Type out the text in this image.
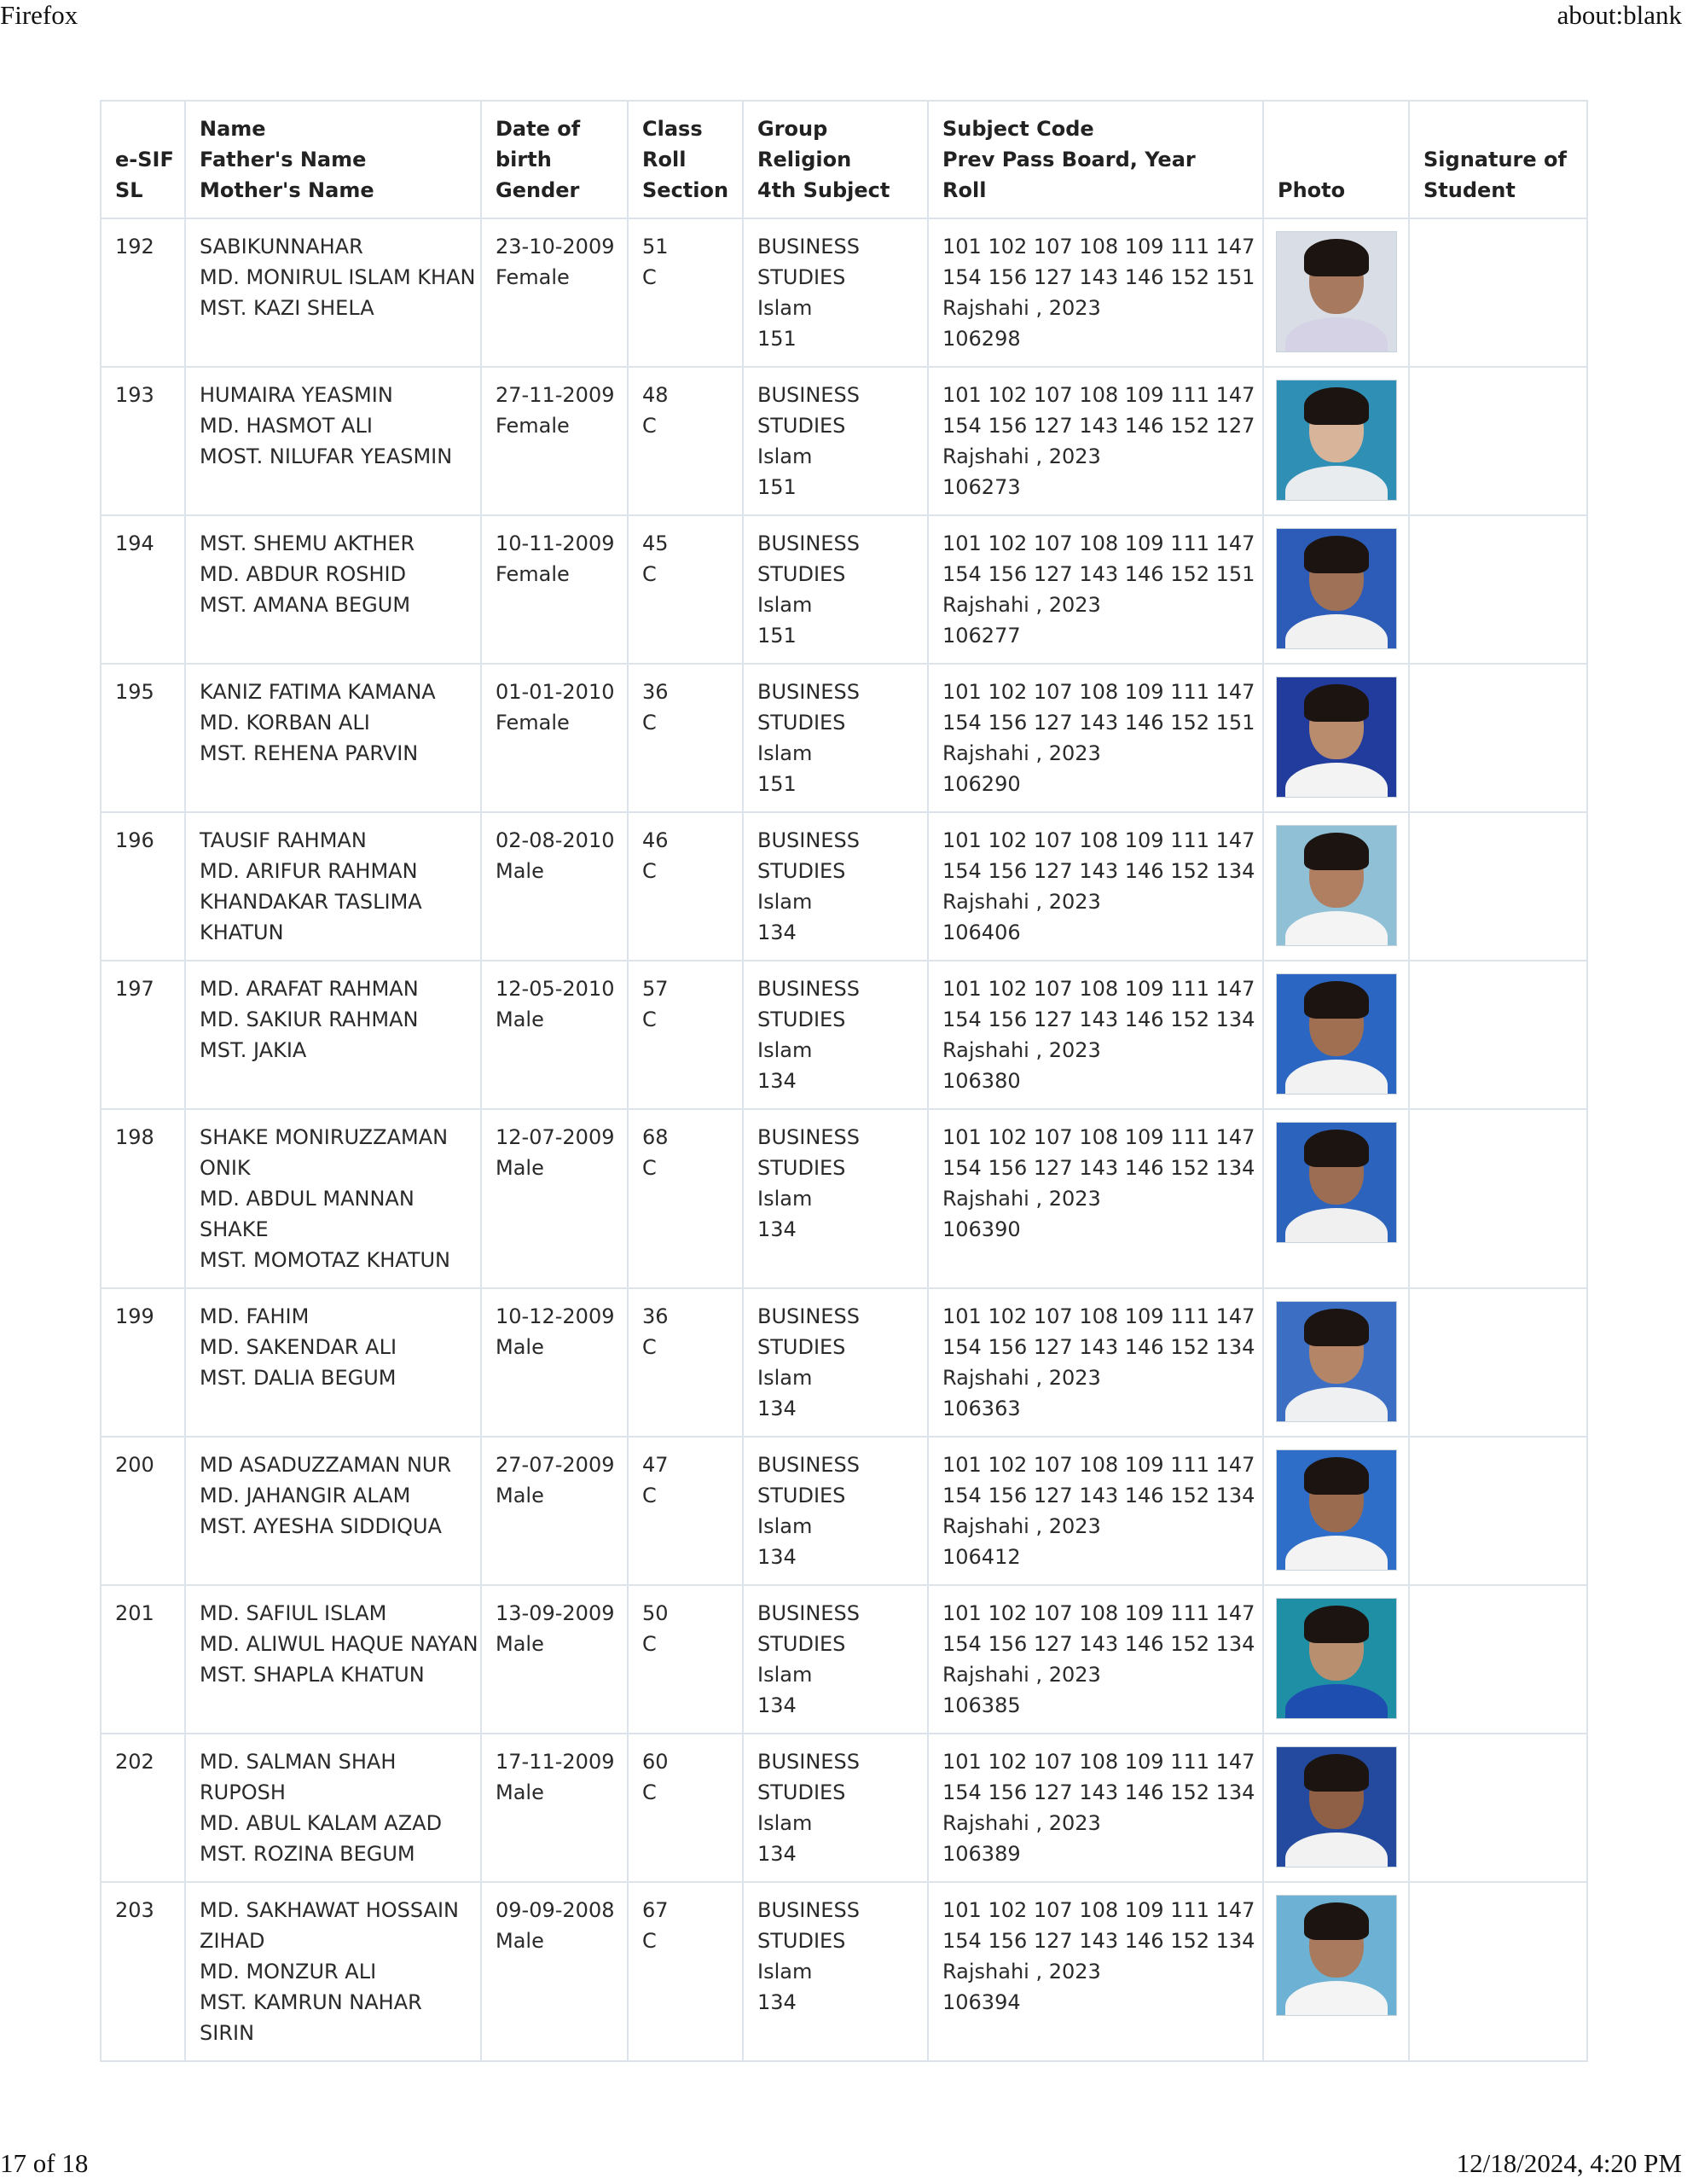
Firefox	about:blank
e-SIF
SL	Name
Father's Name
Mother's Name	Date of
birth
Gender	Class
Roll
Section	Group
Religion
4th Subject	Subject Code
Prev Pass Board, Year
Roll	Photo	Signature of
Student

192	SABIKUNNAHAR
MD. MONIRUL ISLAM KHAN
MST. KAZI SHELA	23-10-2009
Female	51
C	BUSINESS
STUDIES
Islam
151	101 102 107 108 109 111 147
154 156 127 143 146 152 151
Rajshahi , 2023
106298		

193	HUMAIRA YEASMIN
MD. HASMOT ALI
MOST. NILUFAR YEASMIN	27-11-2009
Female	48
C	BUSINESS
STUDIES
Islam
151	101 102 107 108 109 111 147
154 156 127 143 146 152 127
Rajshahi , 2023
106273		

194	MST. SHEMU AKTHER
MD. ABDUR ROSHID
MST. AMANA BEGUM	10-11-2009
Female	45
C	BUSINESS
STUDIES
Islam
151	101 102 107 108 109 111 147
154 156 127 143 146 152 151
Rajshahi , 2023
106277		

195	KANIZ FATIMA KAMANA
MD. KORBAN ALI
MST. REHENA PARVIN	01-01-2010
Female	36
C	BUSINESS
STUDIES
Islam
151	101 102 107 108 109 111 147
154 156 127 143 146 152 151
Rajshahi , 2023
106290		

196	TAUSIF RAHMAN
MD. ARIFUR RAHMAN
KHANDAKAR TASLIMA
KHATUN	02-08-2010
Male	46
C	BUSINESS
STUDIES
Islam
134	101 102 107 108 109 111 147
154 156 127 143 146 152 134
Rajshahi , 2023
106406		

197	MD. ARAFAT RAHMAN
MD. SAKIUR RAHMAN
MST. JAKIA	12-05-2010
Male	57
C	BUSINESS
STUDIES
Islam
134	101 102 107 108 109 111 147
154 156 127 143 146 152 134
Rajshahi , 2023
106380		

198	SHAKE MONIRUZZAMAN
ONIK
MD. ABDUL MANNAN
SHAKE
MST. MOMOTAZ KHATUN	12-07-2009
Male	68
C	BUSINESS
STUDIES
Islam
134	101 102 107 108 109 111 147
154 156 127 143 146 152 134
Rajshahi , 2023
106390		

199	MD. FAHIM
MD. SAKENDAR ALI
MST. DALIA BEGUM	10-12-2009
Male	36
C	BUSINESS
STUDIES
Islam
134	101 102 107 108 109 111 147
154 156 127 143 146 152 134
Rajshahi , 2023
106363		

200	MD ASADUZZAMAN NUR
MD. JAHANGIR ALAM
MST. AYESHA SIDDIQUA	27-07-2009
Male	47
C	BUSINESS
STUDIES
Islam
134	101 102 107 108 109 111 147
154 156 127 143 146 152 134
Rajshahi , 2023
106412		

201	MD. SAFIUL ISLAM
MD. ALIWUL HAQUE NAYAN
MST. SHAPLA KHATUN	13-09-2009
Male	50
C	BUSINESS
STUDIES
Islam
134	101 102 107 108 109 111 147
154 156 127 143 146 152 134
Rajshahi , 2023
106385		

202	MD. SALMAN SHAH
RUPOSH
MD. ABUL KALAM AZAD
MST. ROZINA BEGUM	17-11-2009
Male	60
C	BUSINESS
STUDIES
Islam
134	101 102 107 108 109 111 147
154 156 127 143 146 152 134
Rajshahi , 2023
106389		

203	MD. SAKHAWAT HOSSAIN
ZIHAD
MD. MONZUR ALI
MST. KAMRUN NAHAR
SIRIN	09-09-2008
Male	67
C	BUSINESS
STUDIES
Islam
134	101 102 107 108 109 111 147
154 156 127 143 146 152 134
Rajshahi , 2023
106394		

17 of 18	12/18/2024, 4:20 PM
